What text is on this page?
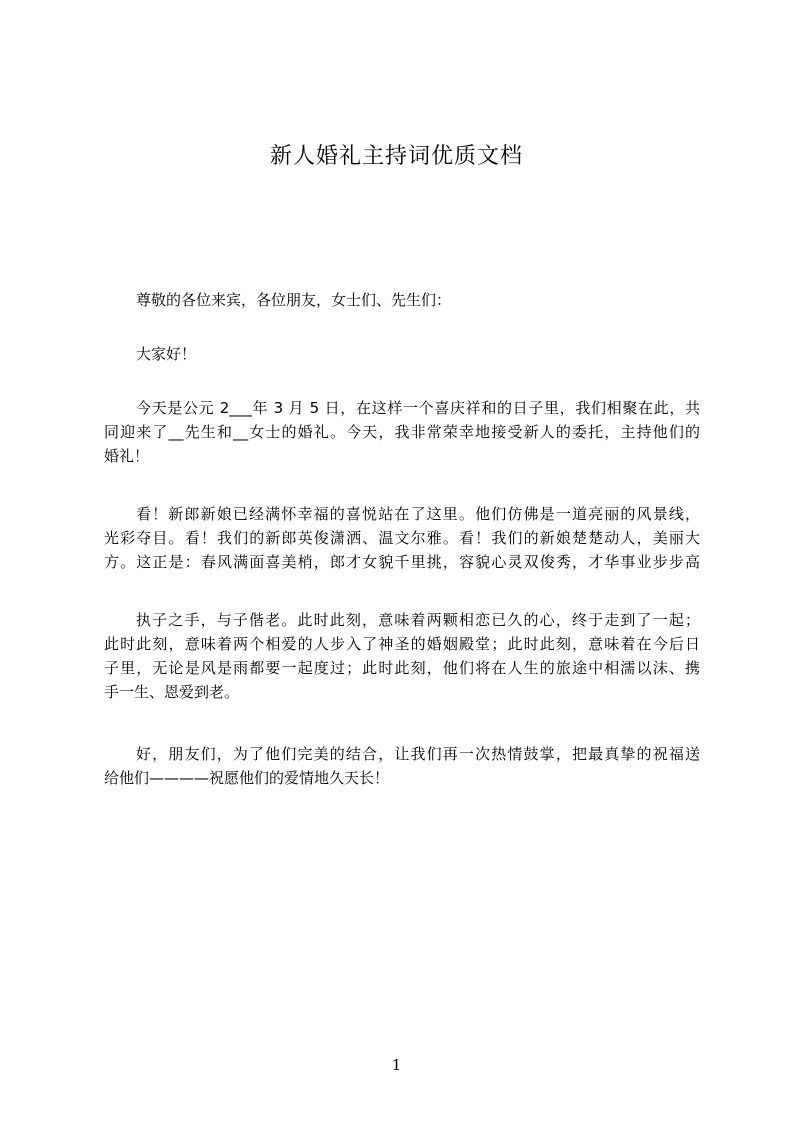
新人婚礼主持词优质文档
尊敬的各位来宾，各位朋友，女士们、先生们：
大家好！
今天是公元 2___年 3 月 5 日，在这样一个喜庆祥和的日子里，我们相聚在此，共
同迎来了__先生和__女士的婚礼。今天，我非常荣幸地接受新人的委托，主持他们的
婚礼！
看！新郎新娘已经满怀幸福的喜悦站在了这里。他们仿佛是一道亮丽的风景线，
光彩夺目。看！我们的新郎英俊潇洒、温文尔雅。看！我们的新娘楚楚动人，美丽大
方。这正是：春风满面喜美梢，郎才女貌千里挑，容貌心灵双俊秀，才华事业步步高
执子之手，与子偕老。此时此刻，意味着两颗相恋已久的心，终于走到了一起；
此时此刻，意味着两个相爱的人步入了神圣的婚姻殿堂；此时此刻，意味着在今后日
子里，无论是风是雨都要一起度过；此时此刻，他们将在人生的旅途中相濡以沫、携
手一生、恩爱到老。
好，朋友们，为了他们完美的结合，让我们再一次热情鼓掌，把最真挚的祝福送
给他们————祝愿他们的爱情地久天长！
1
